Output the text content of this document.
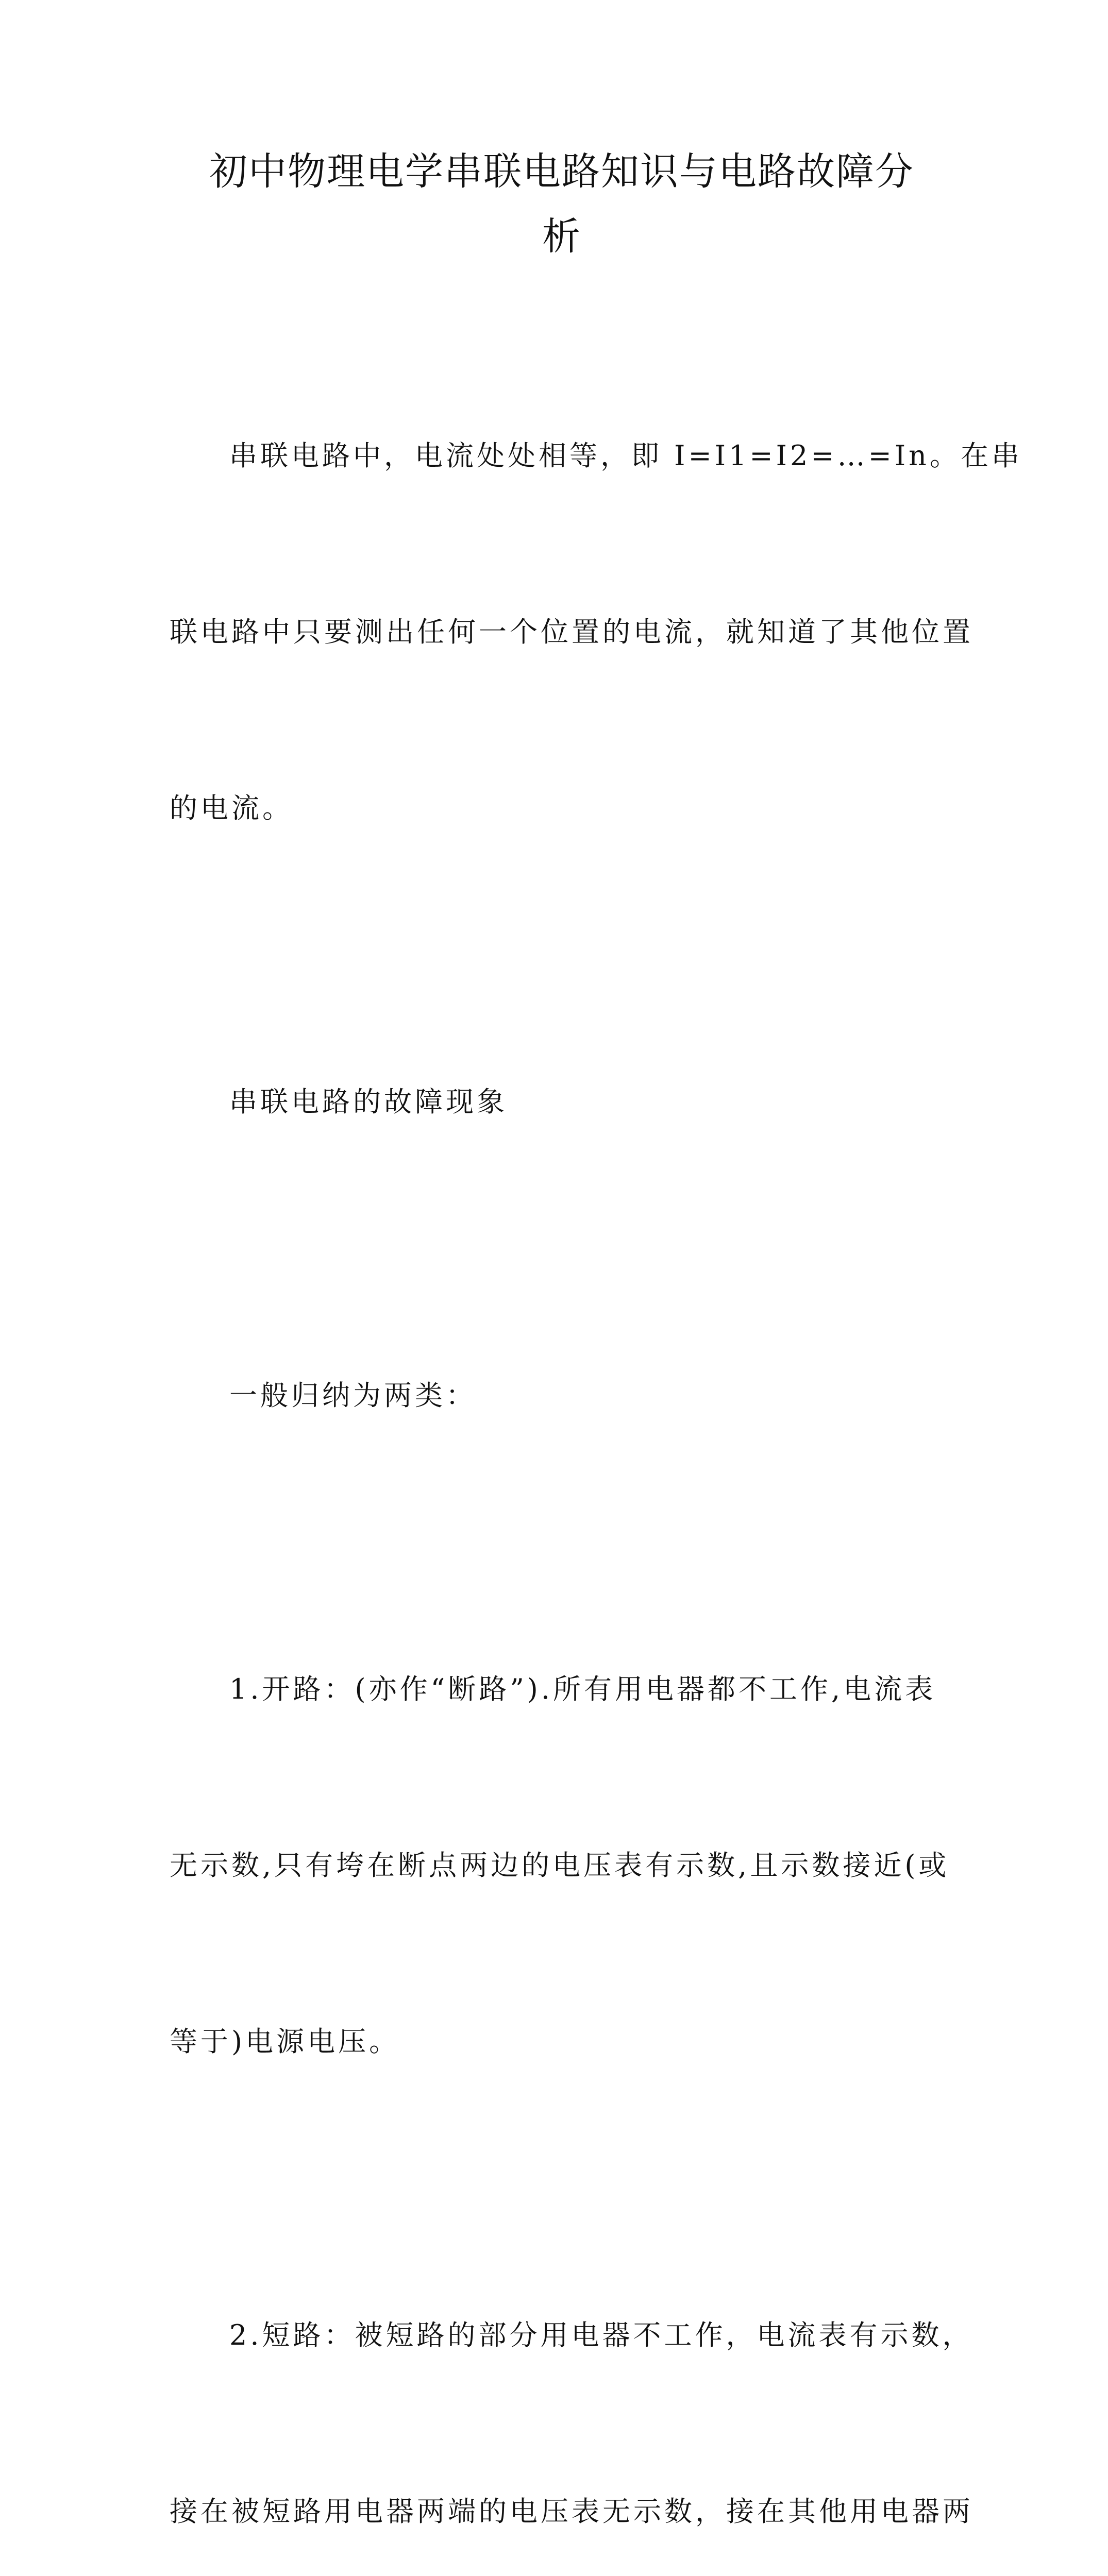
初中物理电学串联电路知识与电路故障分
析

串联电路中，电流处处相等，即 I=I1=I2=…=In。在串

联电路中只要测出任何一个位置的电流，就知道了其他位置

的电流。

串联电路的故障现象

一般归纳为两类：

1.开路：(亦作“断路”).所有用电器都不工作,电流表

无示数,只有垮在断点两边的电压表有示数,且示数接近(或

等于)电源电压。

2.短路：被短路的部分用电器不工作，电流表有示数，

接在被短路用电器两端的电压表无示数，接在其他用电器两
